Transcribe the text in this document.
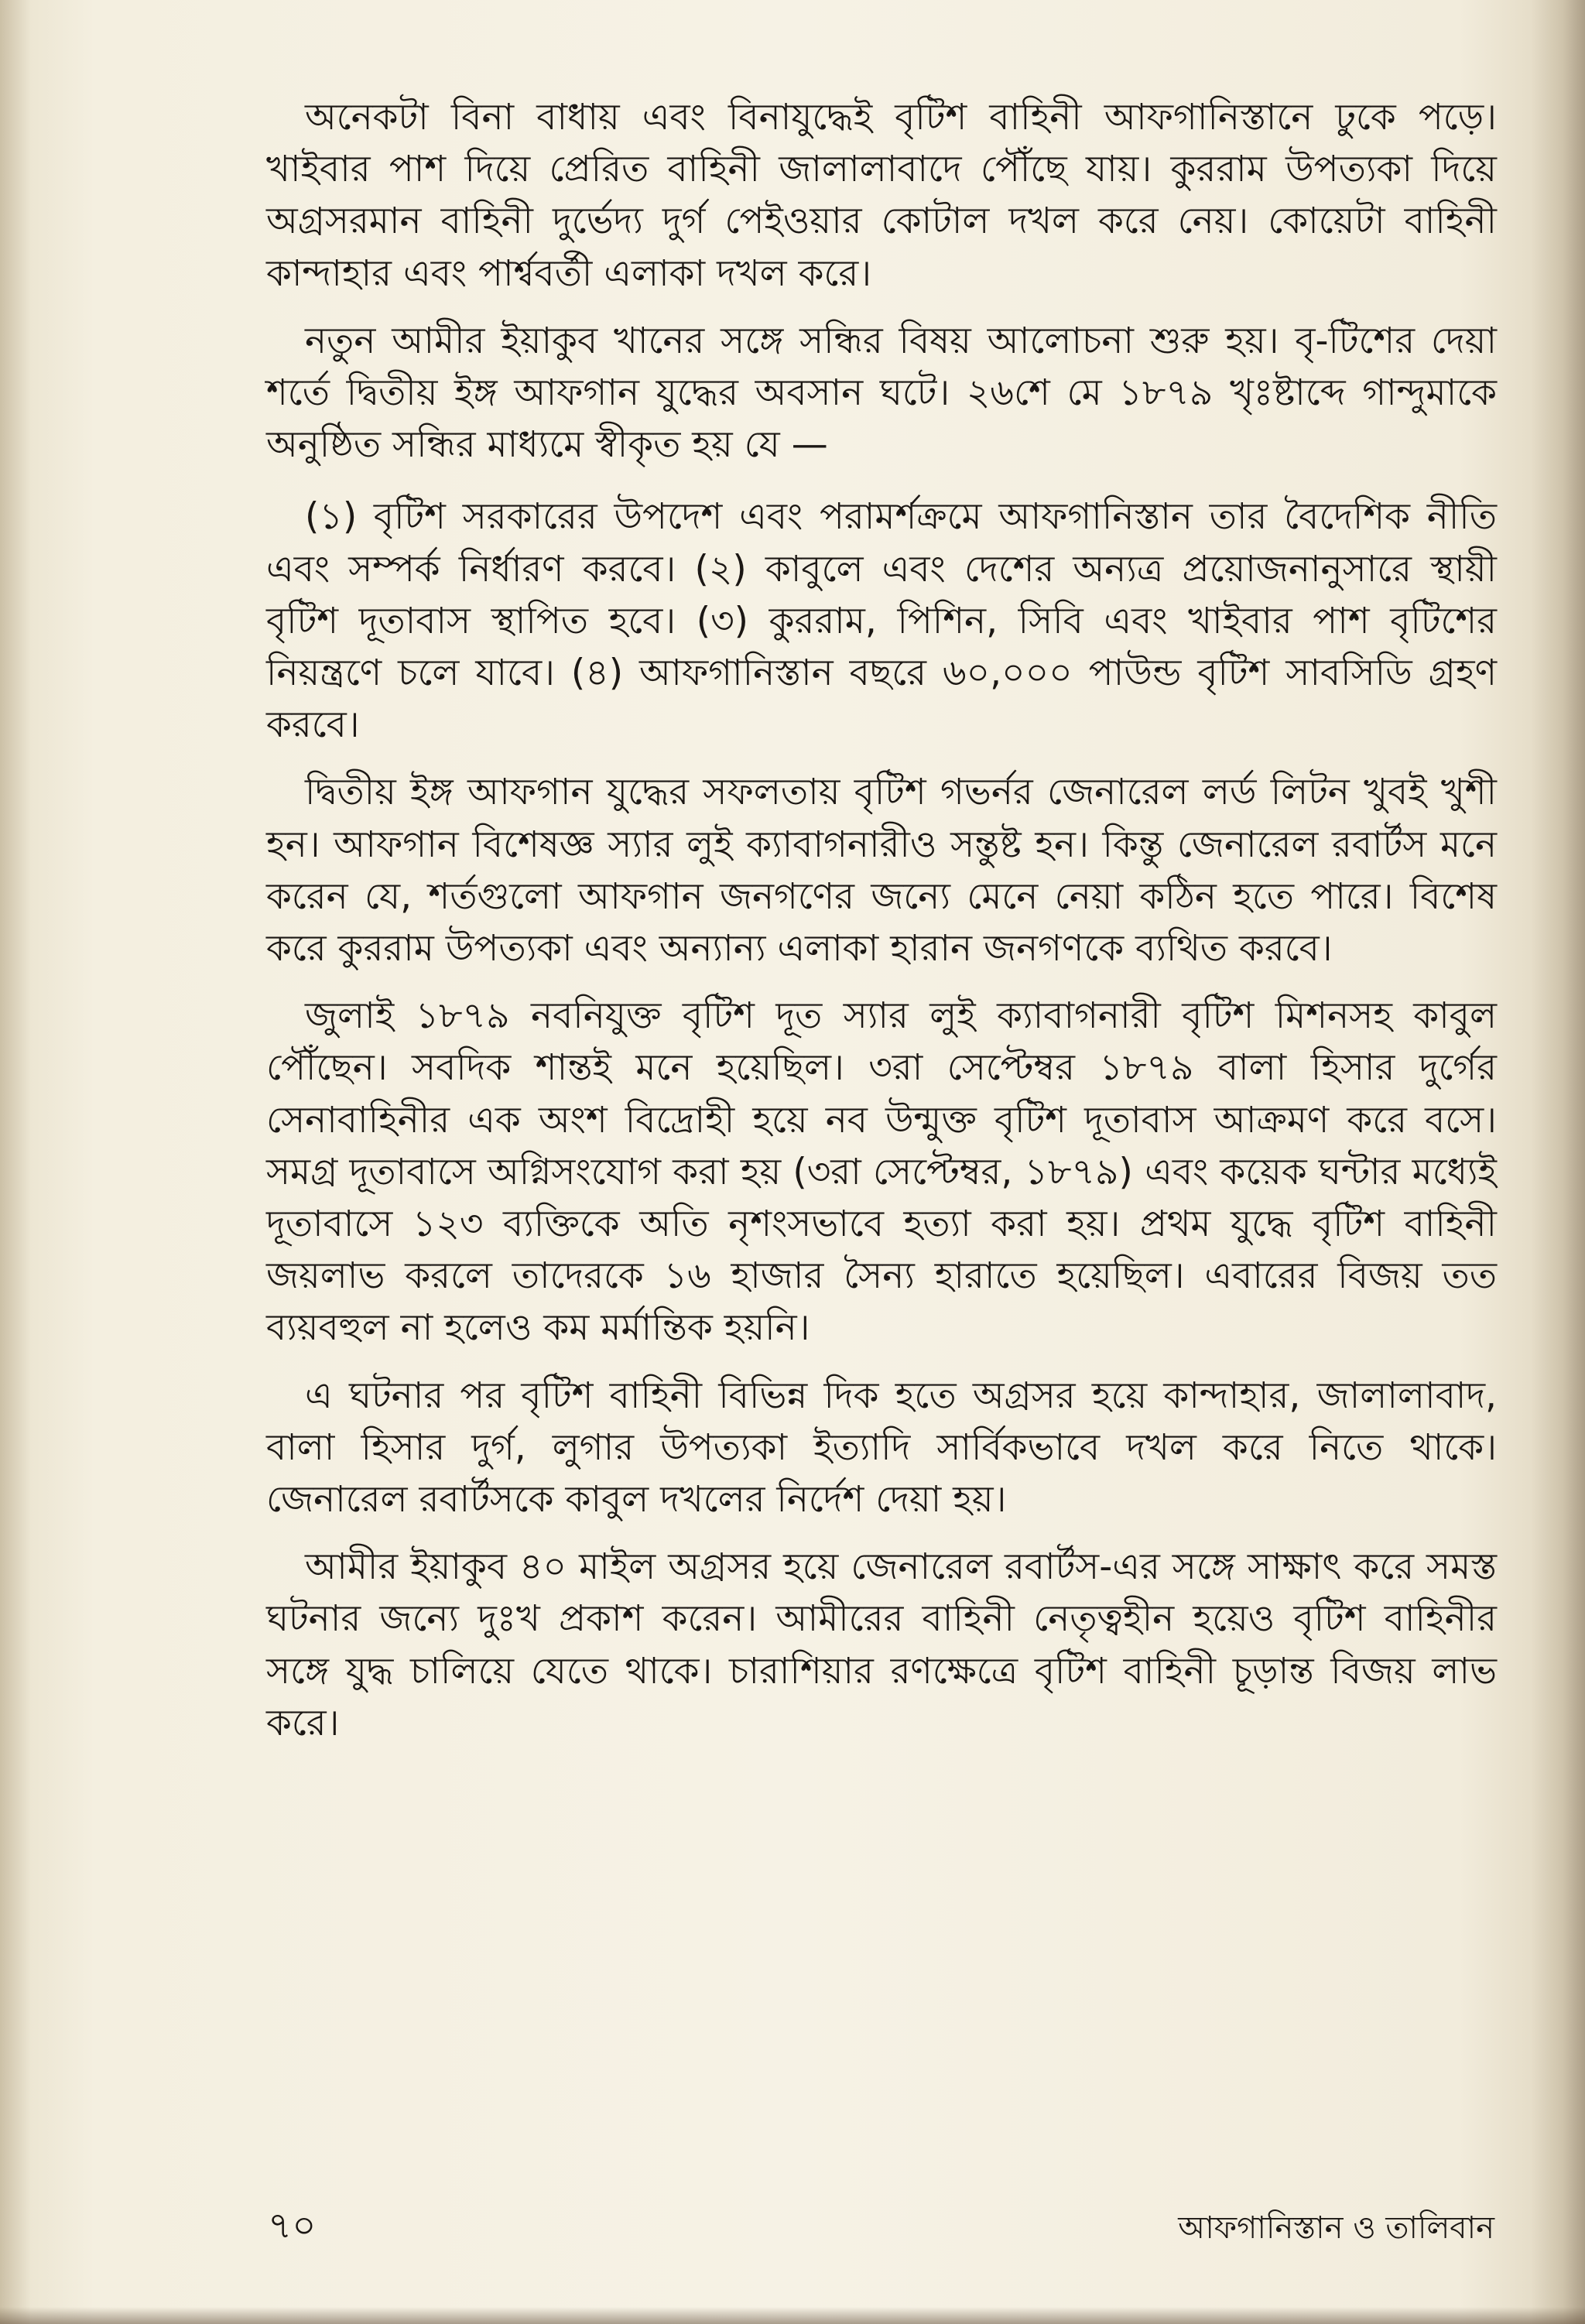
অনেকটা বিনা বাধায় এবং বিনাযুদ্ধেই বৃটিশ বাহিনী আফগানিস্তানে ঢুকে পড়ে। খাইবার পাশ দিয়ে প্রেরিত বাহিনী জালালাবাদে পৌঁছে যায়। কুররাম উপত্যকা দিয়ে অগ্রসরমান বাহিনী দুর্ভেদ্য দুর্গ পেইওয়ার কোটাল দখল করে নেয়। কোয়েটা বাহিনী কান্দাহার এবং পার্শ্ববর্তী এলাকা দখল করে।

নতুন আমীর ইয়াকুব খানের সঙ্গে সন্ধির বিষয় আলোচনা শুরু হয়। বৃ-টিশের দেয়া শর্তে দ্বিতীয় ইঙ্গ আফগান যুদ্ধের অবসান ঘটে। ২৬শে মে ১৮৭৯ খৃঃষ্টাব্দে গান্দুমাকে অনুষ্ঠিত সন্ধির মাধ্যমে স্বীকৃত হয় যে —

(১) বৃটিশ সরকারের উপদেশ এবং পরামর্শক্রমে আফগানিস্তান তার বৈদেশিক নীতি এবং সম্পর্ক নির্ধারণ করবে। (২) কাবুলে এবং দেশের অন্যত্র প্রয়োজনানুসারে স্থায়ী বৃটিশ দূতাবাস স্থাপিত হবে। (৩) কুররাম, পিশিন, সিবি এবং খাইবার পাশ বৃটিশের নিয়ন্ত্রণে চলে যাবে। (৪) আফগানিস্তান বছরে ৬০,০০০ পাউন্ড বৃটিশ সাবসিডি গ্রহণ করবে।

দ্বিতীয় ইঙ্গ আফগান যুদ্ধের সফলতায় বৃটিশ গভর্নর জেনারেল লর্ড লিটন খুবই খুশী হন। আফগান বিশেষজ্ঞ স্যার লুই ক্যাবাগনারীও সন্তুষ্ট হন। কিন্তু জেনারেল রবার্টস মনে করেন যে, শর্তগুলো আফগান জনগণের জন্যে মেনে নেয়া কঠিন হতে পারে। বিশেষ করে কুররাম উপত্যকা এবং অন্যান্য এলাকা হারান জনগণকে ব্যথিত করবে।

জুলাই ১৮৭৯ নবনিযুক্ত বৃটিশ দূত স্যার লুই ক্যাবাগনারী বৃটিশ মিশনসহ কাবুল পৌঁছেন। সবদিক শান্তই মনে হয়েছিল। ৩রা সেপ্টেম্বর ১৮৭৯ বালা হিসার দুর্গের সেনাবাহিনীর এক অংশ বিদ্রোহী হয়ে নব উন্মুক্ত বৃটিশ দূতাবাস আক্রমণ করে বসে। সমগ্র দূতাবাসে অগ্নিসংযোগ করা হয় (৩রা সেপ্টেম্বর, ১৮৭৯) এবং কয়েক ঘন্টার মধ্যেই দূতাবাসে ১২৩ ব্যক্তিকে অতি নৃশংসভাবে হত্যা করা হয়। প্রথম যুদ্ধে বৃটিশ বাহিনী জয়লাভ করলে তাদেরকে ১৬ হাজার সৈন্য হারাতে হয়েছিল। এবারের বিজয় তত ব্যয়বহুল না হলেও কম মর্মান্তিক হয়নি।

এ ঘটনার পর বৃটিশ বাহিনী বিভিন্ন দিক হতে অগ্রসর হয়ে কান্দাহার, জালালাবাদ, বালা হিসার দুর্গ, লুগার উপত্যকা ইত্যাদি সার্বিকভাবে দখল করে নিতে থাকে। জেনারেল রবার্টসকে কাবুল দখলের নির্দেশ দেয়া হয়।

আমীর ইয়াকুব ৪০ মাইল অগ্রসর হয়ে জেনারেল রবার্টস-এর সঙ্গে সাক্ষাৎ করে সমস্ত ঘটনার জন্যে দুঃখ প্রকাশ করেন। আমীরের বাহিনী নেতৃত্বহীন হয়েও বৃটিশ বাহিনীর সঙ্গে যুদ্ধ চালিয়ে যেতে থাকে। চারাশিয়ার রণক্ষেত্রে বৃটিশ বাহিনী চূড়ান্ত বিজয় লাভ করে।

৭০	আফগানিস্তান ও তালিবান
